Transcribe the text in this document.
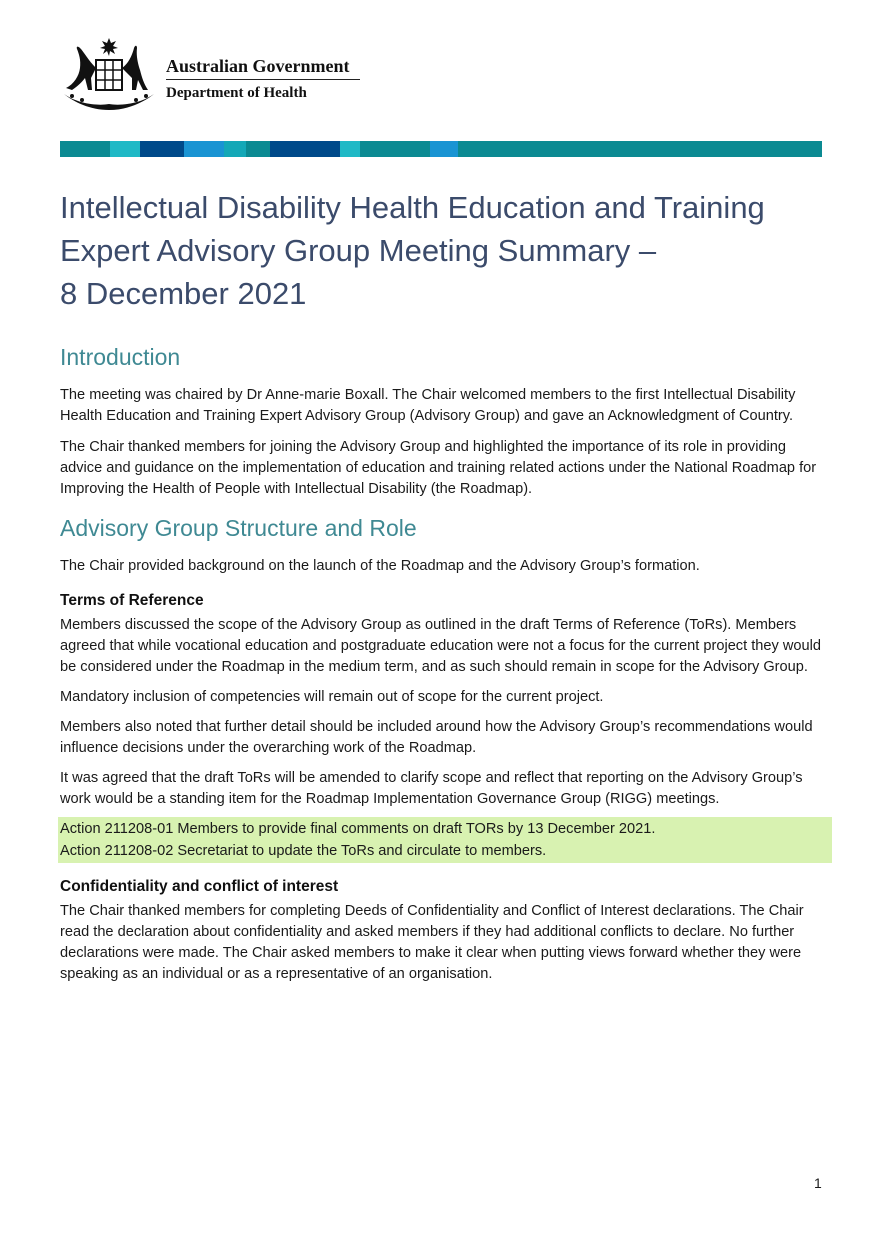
Australian Government
Department of Health
Intellectual Disability Health Education and Training
Expert Advisory Group Meeting Summary –
8 December 2021
Introduction

The meeting was chaired by Dr Anne-marie Boxall. The Chair welcomed members to the first Intellectual Disability Health Education and Training Expert Advisory Group (Advisory Group) and gave an Acknowledgment of Country.

The Chair thanked members for joining the Advisory Group and highlighted the importance of its role in providing advice and guidance on the implementation of education and training related actions under the National Roadmap for Improving the Health of People with Intellectual Disability (the Roadmap).

Advisory Group Structure and Role

The Chair provided background on the launch of the Roadmap and the Advisory Group’s formation.

Terms of Reference

Members discussed the scope of the Advisory Group as outlined in the draft Terms of Reference (ToRs). Members agreed that while vocational education and postgraduate education were not a focus for the current project they would be considered under the Roadmap in the medium term, and as such should remain in scope for the Advisory Group.

Mandatory inclusion of competencies will remain out of scope for the current project.

Members also noted that further detail should be included around how the Advisory Group’s recommendations would influence decisions under the overarching work of the Roadmap.

It was agreed that the draft ToRs will be amended to clarify scope and reflect that reporting on the Advisory Group’s work would be a standing item for the Roadmap Implementation Governance Group (RIGG) meetings.

Action 211208-01 Members to provide final comments on draft TORs by 13 December 2021.
Action 211208-02 Secretariat to update the ToRs and circulate to members.
Confidentiality and conflict of interest

The Chair thanked members for completing Deeds of Confidentiality and Conflict of Interest declarations. The Chair read the declaration about confidentiality and asked members if they had additional conflicts to declare. No further declarations were made. The Chair asked members to make it clear when putting views forward whether they were speaking as an individual or as a representative of an organisation.

1
